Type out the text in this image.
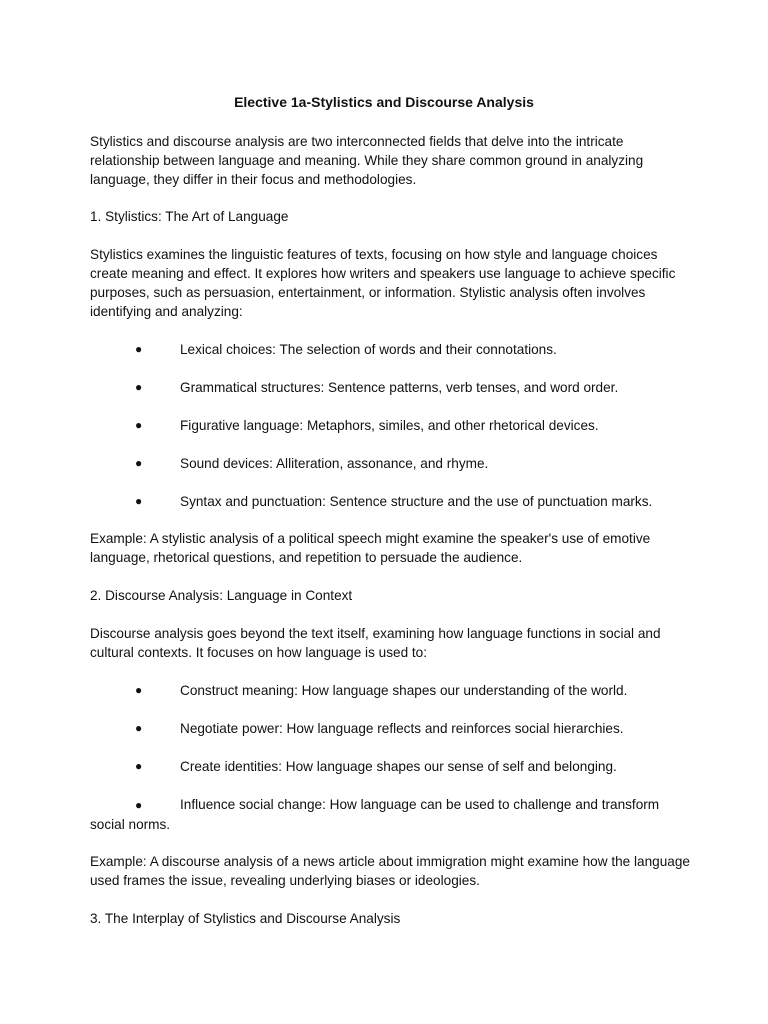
Elective 1a-Stylistics and Discourse Analysis
Stylistics and discourse analysis are two interconnected fields that delve into the intricate relationship between language and meaning. While they share common ground in analyzing language, they differ in their focus and methodologies.
1. Stylistics: The Art of Language
Stylistics examines the linguistic features of texts, focusing on how style and language choices create meaning and effect. It explores how writers and speakers use language to achieve specific purposes, such as persuasion, entertainment, or information. Stylistic analysis often involves identifying and analyzing:
●	Lexical choices: The selection of words and their connotations.
●	Grammatical structures: Sentence patterns, verb tenses, and word order.
●	Figurative language: Metaphors, similes, and other rhetorical devices.
●	Sound devices: Alliteration, assonance, and rhyme.
●	Syntax and punctuation: Sentence structure and the use of punctuation marks.
Example: A stylistic analysis of a political speech might examine the speaker's use of emotive language, rhetorical questions, and repetition to persuade the audience.
2. Discourse Analysis: Language in Context
Discourse analysis goes beyond the text itself, examining how language functions in social and cultural contexts. It focuses on how language is used to:
●	Construct meaning: How language shapes our understanding of the world.
●	Negotiate power: How language reflects and reinforces social hierarchies.
●	Create identities: How language shapes our sense of self and belonging.
●	Influence social change: How language can be used to challenge and transform social norms.
Example: A discourse analysis of a news article about immigration might examine how the language used frames the issue, revealing underlying biases or ideologies.
3. The Interplay of Stylistics and Discourse Analysis
